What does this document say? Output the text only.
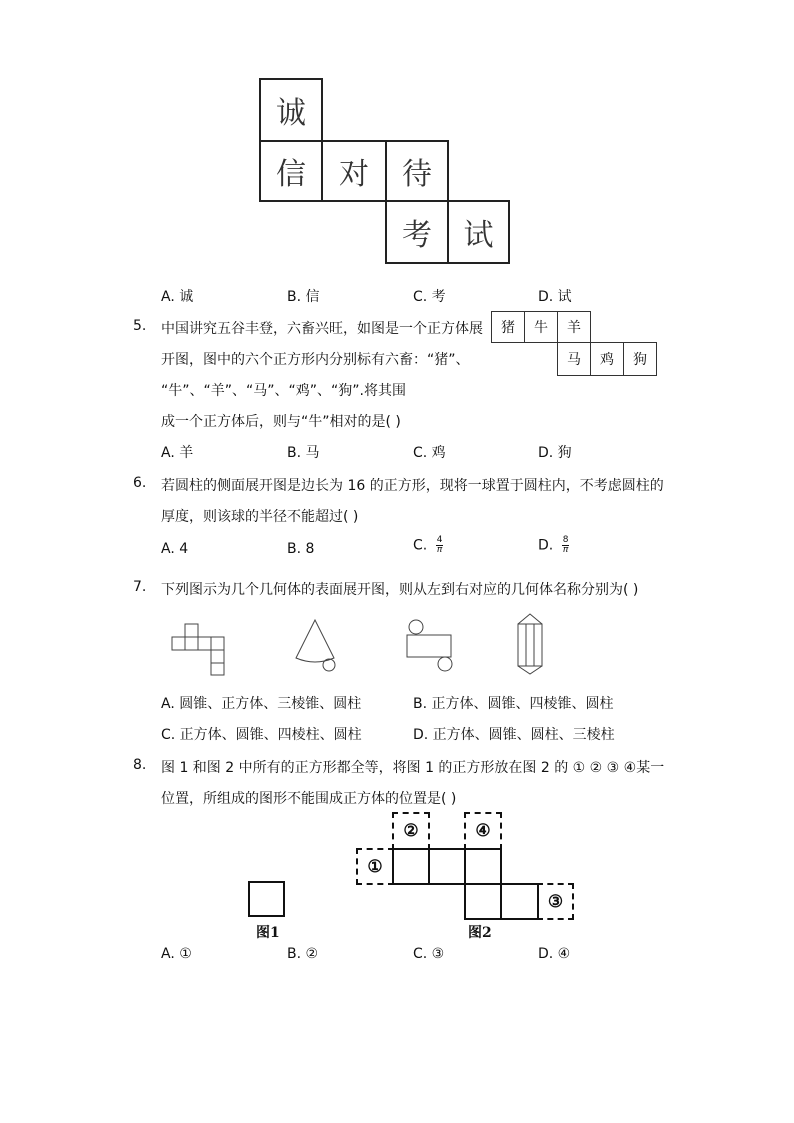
诚
信	对	待
考	试
A. 诚	B. 信	C. 考	D. 试
5. 中国讲究五谷丰登，六畜兴旺，如图是一个正方体展
开图，图中的六个正方形内分别标有六畜：“猪”、
“牛”、“羊”、“马”、“鸡”、“狗”.将其围
成一个正方体后，则与“牛”相对的是( )
猪	牛	羊
马	鸡	狗
A. 羊	B. 马	C. 鸡	D. 狗
6. 若圆柱的侧面展开图是边长为 16 的正方形，现将一球置于圆柱内，不考虑圆柱的
厚度，则该球的半径不能超过( )
A. 4	B. 8	C. $\frac{4}{\pi}$	D. $\frac{8}{\pi}$
7. 下列图示为几个几何体的表面展开图，则从左到右对应的几何体名称分别为( )
A. 圆锥、正方体、三棱锥、圆柱	B. 正方体、圆锥、四棱锥、圆柱
C. 正方体、圆锥、四棱柱、圆柱	D. 正方体、圆锥、圆柱、三棱柱
8. 图 1 和图 2 中所有的正方形都全等，将图 1 的正方形放在图 2 的 ① ② ③ ④某一
位置，所组成的图形不能围成正方体的位置是( )
图1
①
②
③
④
图2
A. ①	B. ②	C. ③	D. ④
